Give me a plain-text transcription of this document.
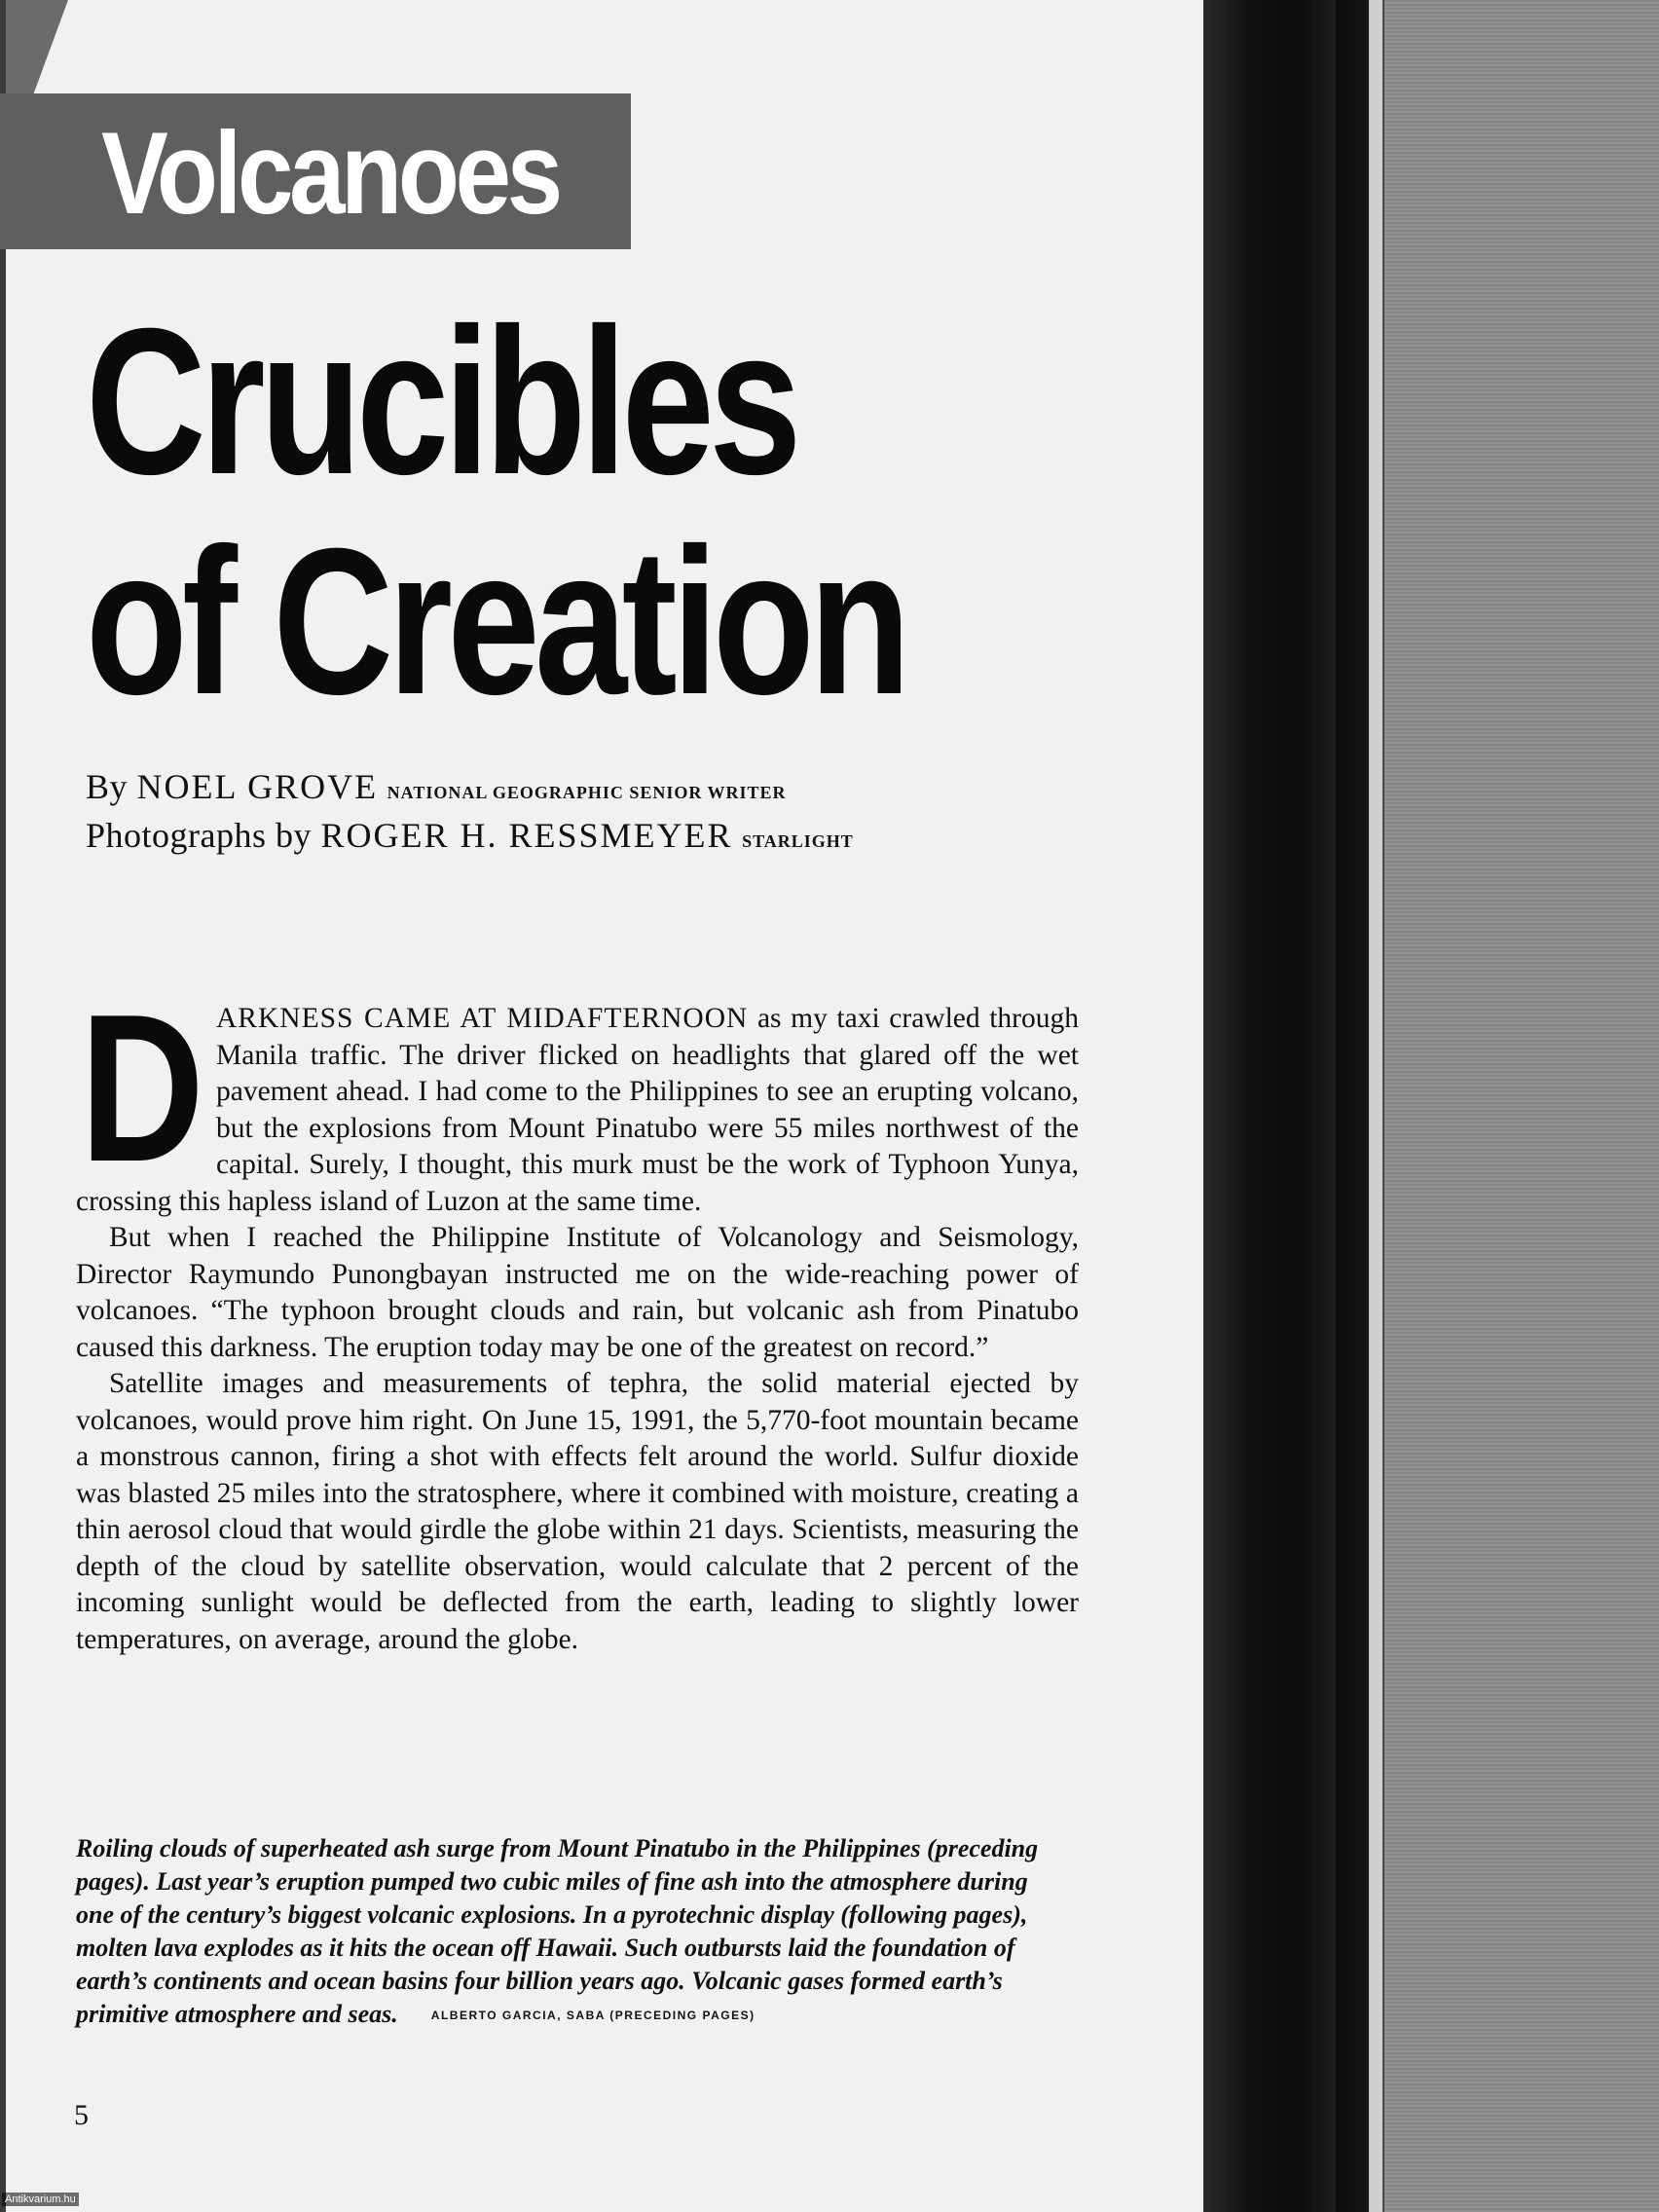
Volcanoes
Crucibles
of Creation
By NOEL GROVE NATIONAL GEOGRAPHIC SENIOR WRITER
Photographs by ROGER H. RESSMEYER STARLIGHT

DARKNESS CAME AT MIDAFTERNOON as my taxi crawled through Manila traffic. The driver flicked on headlights that glared off the wet pavement ahead. I had come to the Philippines to see an erupting volcano, but the explosions from Mount Pinatubo were 55 miles northwest of the capital. Surely, I thought, this murk must be the work of Typhoon Yunya, crossing this hapless island of Luzon at the same time.

But when I reached the Philippine Institute of Volcanology and Seismology, Director Raymundo Punongbayan instructed me on the wide-reaching power of volcanoes. “The typhoon brought clouds and rain, but volcanic ash from Pinatubo caused this darkness. The eruption today may be one of the greatest on record.”

Satellite images and measurements of tephra, the solid material ejected by volcanoes, would prove him right. On June 15, 1991, the 5,770-foot mountain became a monstrous cannon, firing a shot with effects felt around the world. Sulfur dioxide was blasted 25 miles into the stratosphere, where it combined with moisture, creating a thin aerosol cloud that would girdle the globe within 21 days. Scientists, measuring the depth of the cloud by satellite observation, would calculate that 2 percent of the incoming sunlight would be deflected from the earth, leading to slightly lower temperatures, on average, around the globe.

Roiling clouds of superheated ash surge from Mount Pinatubo in the Philippines (preceding pages). Last year’s eruption pumped two cubic miles of fine ash into the atmosphere during one of the century’s biggest volcanic explosions. In a pyrotechnic display (following pages), molten lava explodes as it hits the ocean off Hawaii. Such outbursts laid the foundation of earth’s continents and ocean basins four billion years ago. Volcanic gases formed earth’s primitive atmosphere and seas.	ALBERTO GARCIA, SABA (PRECEDING PAGES)
5
Antikvarium.hu
